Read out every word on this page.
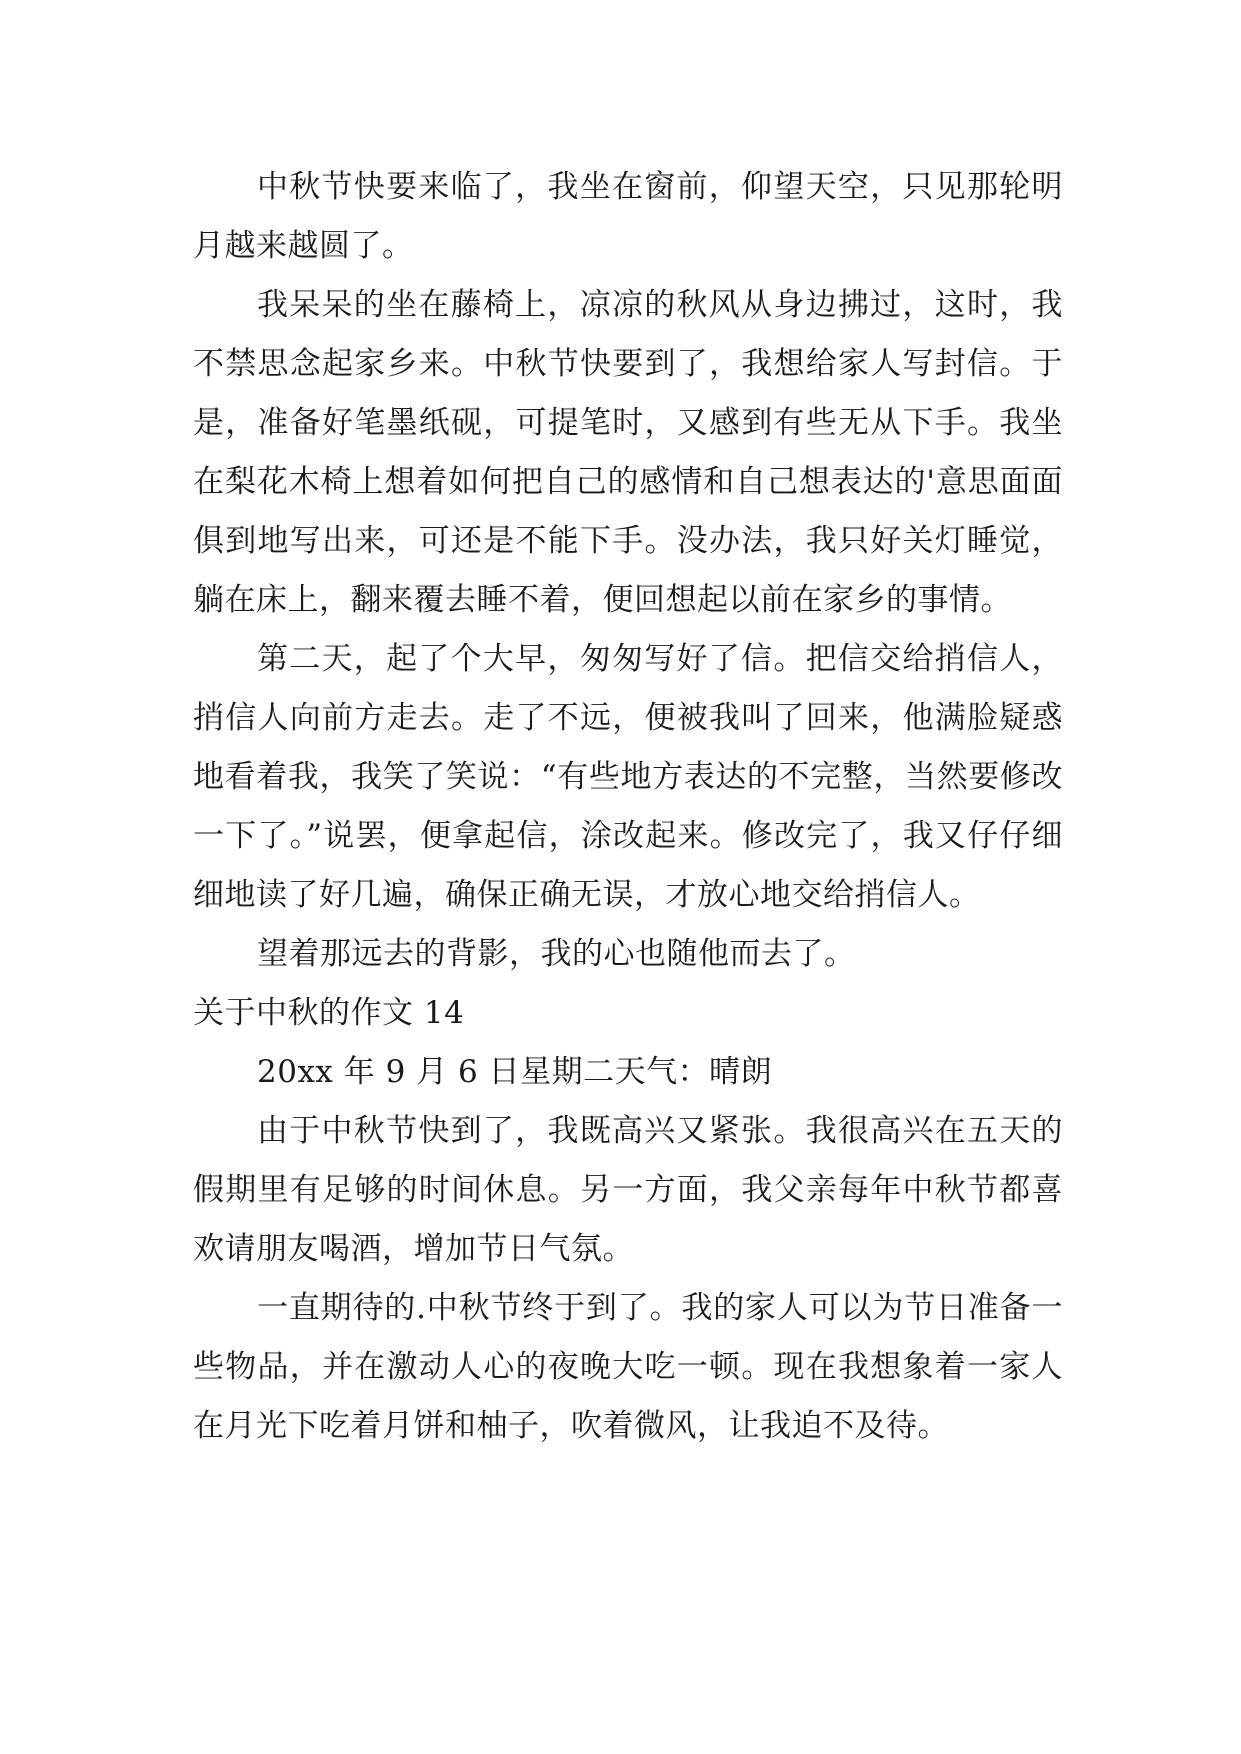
中秋节快要来临了，我坐在窗前，仰望天空，只见那轮明月越来越圆了。

我呆呆的坐在藤椅上，凉凉的秋风从身边拂过，这时，我不禁思念起家乡来。中秋节快要到了，我想给家人写封信。于是，准备好笔墨纸砚，可提笔时，又感到有些无从下手。我坐在梨花木椅上想着如何把自己的感情和自己想表达的'意思面面俱到地写出来，可还是不能下手。没办法，我只好关灯睡觉，躺在床上，翻来覆去睡不着，便回想起以前在家乡的事情。

第二天，起了个大早，匆匆写好了信。把信交给捎信人，捎信人向前方走去。走了不远，便被我叫了回来，他满脸疑惑地看着我，我笑了笑说：“有些地方表达的不完整，当然要修改一下了。”说罢，便拿起信，涂改起来。修改完了，我又仔仔细细地读了好几遍，确保正确无误，才放心地交给捎信人。

望着那远去的背影，我的心也随他而去了。

关于中秋的作文 14

20xx 年 9 月 6 日星期二天气：晴朗

由于中秋节快到了，我既高兴又紧张。我很高兴在五天的假期里有足够的时间休息。另一方面，我父亲每年中秋节都喜欢请朋友喝酒，增加节日气氛。

一直期待的.中秋节终于到了。我的家人可以为节日准备一些物品，并在激动人心的夜晚大吃一顿。现在我想象着一家人在月光下吃着月饼和柚子，吹着微风，让我迫不及待。
